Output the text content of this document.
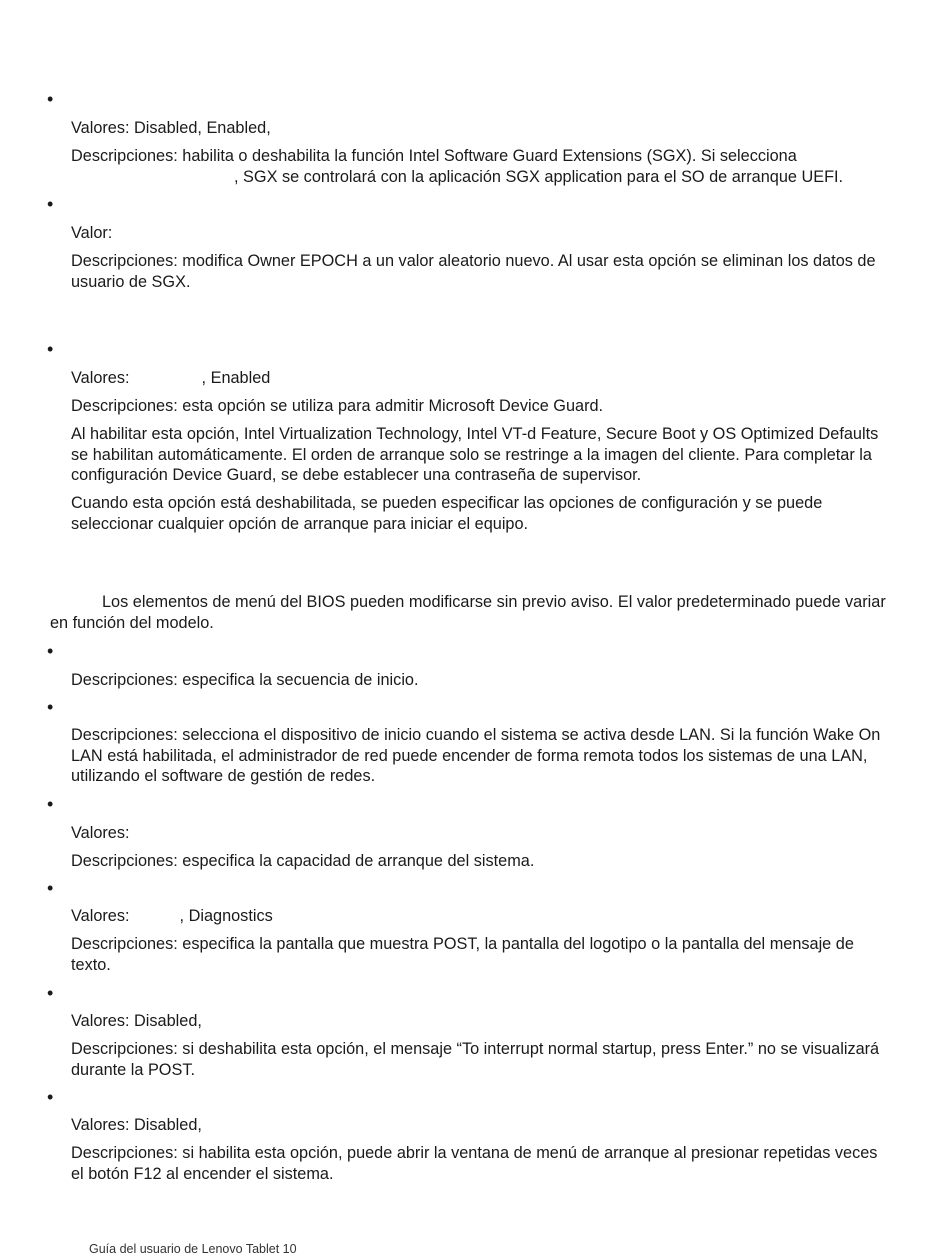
•

Valores: Disabled, Enabled,

Descripciones: habilita o deshabilita la función Intel Software Guard Extensions (SGX). Si selecciona
, SGX se controlará con la aplicación SGX application para el SO de arranque UEFI.

•

Valor:

Descripciones: modifica Owner EPOCH a un valor aleatorio nuevo. Al usar esta opción se eliminan los datos de usuario de SGX.

•

Valores:	, Enabled

Descripciones: esta opción se utiliza para admitir Microsoft Device Guard.

Al habilitar esta opción, Intel Virtualization Technology, Intel VT-d Feature, Secure Boot y OS Optimized Defaults se habilitan automáticamente. El orden de arranque solo se restringe a la imagen del cliente. Para completar la configuración Device Guard, se debe establecer una contraseña de supervisor.

Cuando esta opción está deshabilitada, se pueden especificar las opciones de configuración y se puede seleccionar cualquier opción de arranque para iniciar el equipo.

Los elementos de menú del BIOS pueden modificarse sin previo aviso. El valor predeterminado puede variar en función del modelo.

•

Descripciones: especifica la secuencia de inicio.

•

Descripciones: selecciona el dispositivo de inicio cuando el sistema se activa desde LAN. Si la función Wake On LAN está habilitada, el administrador de red puede encender de forma remota todos los sistemas de una LAN, utilizando el software de gestión de redes.

•

Valores:

Descripciones: especifica la capacidad de arranque del sistema.

•

Valores:	, Diagnostics

Descripciones: especifica la pantalla que muestra POST, la pantalla del logotipo o la pantalla del mensaje de texto.

•

Valores: Disabled,

Descripciones: si deshabilita esta opción, el mensaje “To interrupt normal startup, press Enter.” no se visualizará durante la POST.

•

Valores: Disabled,

Descripciones: si habilita esta opción, puede abrir la ventana de menú de arranque al presionar repetidas veces el botón F12 al encender el sistema.

Guía del usuario de Lenovo Tablet 10
